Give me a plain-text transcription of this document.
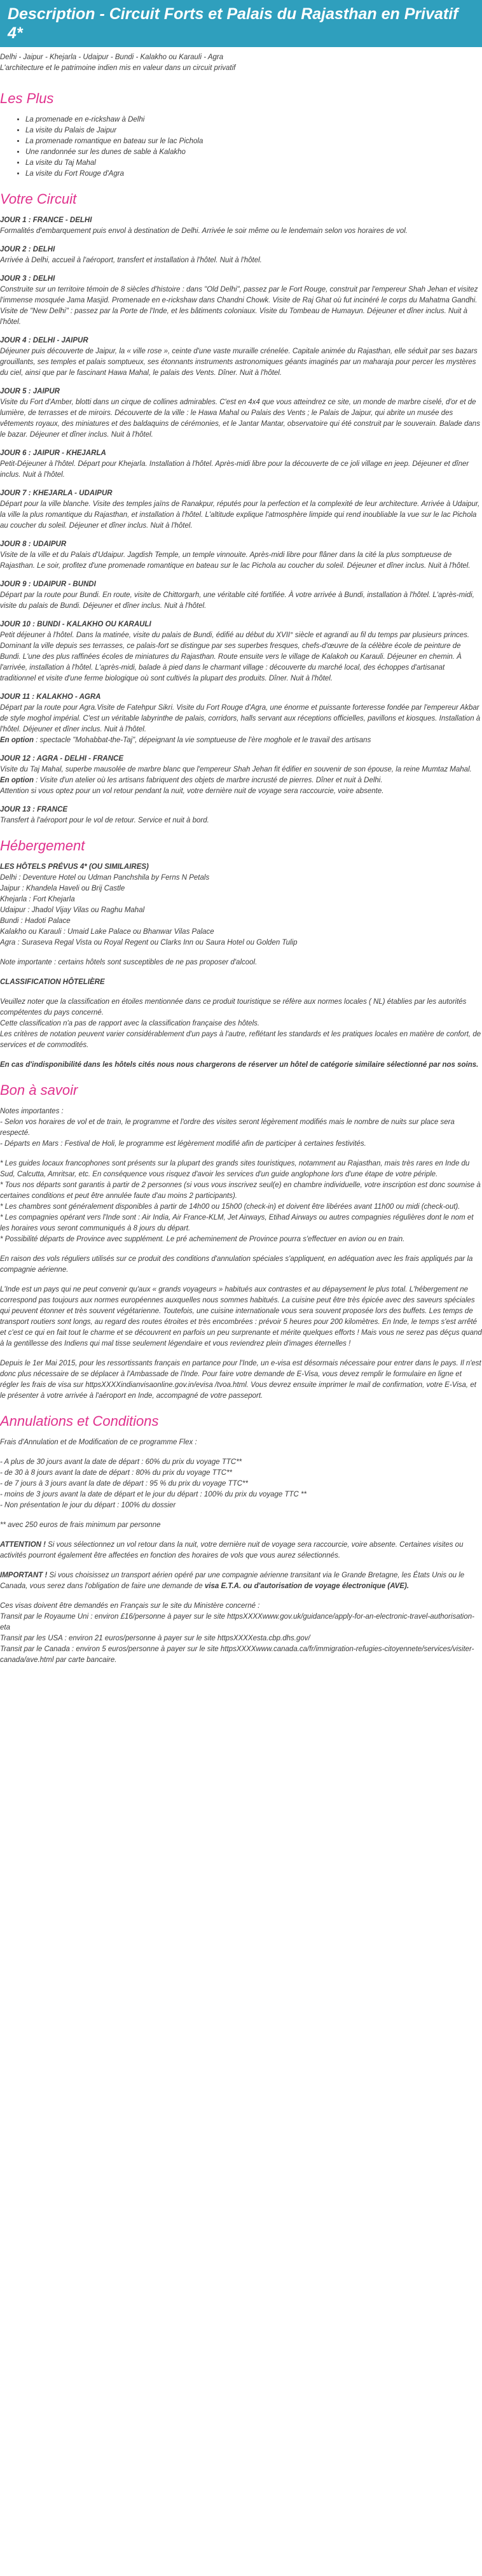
Description - Circuit Forts et Palais du Rajasthan en Privatif 4*

Delhi - Jaipur - Khejarla - Udaipur - Bundi - Kalakho ou Karauli - Agra

L'architecture et le patrimoine indien mis en valeur dans un circuit privatif

Les Plus
• La promenade en e-rickshaw à Delhi
• La visite du Palais de Jaipur
• La promenade romantique en bateau sur le lac Pichola
• Une randonnée sur les dunes de sable à Kalakho
• La visite du Taj Mahal
• La visite du Fort Rouge d'Agra
Votre Circuit

JOUR 1 : FRANCE - DELHI

Formalités d'embarquement puis envol à destination de Delhi. Arrivée le soir même ou le lendemain selon vos horaires de vol.

JOUR 2 : DELHI

Arrivée à Delhi, accueil à l'aéroport, transfert et installation à l'hôtel. Nuit à l'hôtel.

JOUR 3 : DELHI

Construite sur un territoire témoin de 8 siècles d'histoire : dans "Old Delhi", passez par le Fort Rouge, construit par l'empereur Shah Jehan et visitez l'immense mosquée Jama Masjid. Promenade en e-rickshaw dans Chandni Chowk. Visite de Raj Ghat où fut incinéré le corps du Mahatma Gandhi. Visite de "New Delhi" : passez par la Porte de l'Inde, et les bâtiments coloniaux. Visite du Tombeau de Humayun. Déjeuner et dîner inclus. Nuit à l'hôtel.

JOUR 4 : DELHI - JAIPUR

Déjeuner puis découverte de Jaipur, la « ville rose », ceinte d'une vaste muraille crénelée. Capitale animée du Rajasthan, elle séduit par ses bazars grouillants, ses temples et palais somptueux, ses étonnants instruments astronomiques géants imaginés par un maharaja pour percer les mystères du ciel, ainsi que par le fascinant Hawa Mahal, le palais des Vents. Dîner. Nuit à l'hôtel.

JOUR 5 : JAIPUR

Visite du Fort d'Amber, blotti dans un cirque de collines admirables. C'est en 4x4 que vous atteindrez ce site, un monde de marbre ciselé, d'or et de lumière, de terrasses et de miroirs. Découverte de la ville : le Hawa Mahal ou Palais des Vents ; le Palais de Jaipur, qui abrite un musée des vêtements royaux, des miniatures et des baldaquins de cérémonies, et le Jantar Mantar, observatoire qui été construit par le souverain. Balade dans le bazar. Déjeuner et dîner inclus. Nuit à l'hôtel.

JOUR 6 : JAIPUR - KHEJARLA

Petit-Déjeuner à l'hôtel. Départ pour Khejarla. Installation à l'hôtel. Après-midi libre pour la découverte de ce joli village en jeep. Déjeuner et dîner inclus. Nuit à l'hôtel.

JOUR 7 : KHEJARLA - UDAIPUR

Départ pour la ville blanche. Visite des temples jaïns de Ranakpur, réputés pour la perfection et la complexité de leur architecture. Arrivée à Udaipur, la ville la plus romantique du Rajasthan, et installation à l'hôtel. L'altitude explique l'atmosphère limpide qui rend inoubliable la vue sur le lac Pichola au coucher du soleil. Déjeuner et dîner inclus. Nuit à l'hôtel.

JOUR 8 : UDAIPUR

Visite de la ville et du Palais d'Udaipur. Jagdish Temple, un temple vinnouite. Après-midi libre pour flâner dans la cité la plus somptueuse de Rajasthan. Le soir, profitez d'une promenade romantique en bateau sur le lac Pichola au coucher du soleil. Déjeuner et dîner inclus. Nuit à l'hôtel.

JOUR 9 : UDAIPUR - BUNDI

Départ par la route pour Bundi. En route, visite de Chittorgarh, une véritable cité fortifiée. À votre arrivée à Bundi, installation à l'hôtel. L'après-midi, visite du palais de Bundi. Déjeuner et dîner inclus. Nuit à l'hôtel.

JOUR 10 : BUNDI - KALAKHO OU KARAULI

Petit déjeuner à l'hôtel. Dans la matinée, visite du palais de Bundi, édifié au début du XVII° siècle et agrandi au fil du temps par plusieurs princes. Dominant la ville depuis ses terrasses, ce palais-fort se distingue par ses superbes fresques, chefs-d'œuvre de la célèbre école de peinture de Bundi. L'une des plus raffinées écoles de miniatures du Rajasthan. Route ensuite vers le village de Kalakoh ou Karauli. Déjeuner en chemin. À l'arrivée, installation à l'hôtel. L'après-midi, balade à pied dans le charmant village : découverte du marché local, des échoppes d'artisanat traditionnel et visite d'une ferme biologique où sont cultivés la plupart des produits. Dîner. Nuit à l'hôtel.

JOUR 11 : KALAKHO - AGRA

Départ par la route pour Agra.Visite de Fatehpur Sikri. Visite du Fort Rouge d'Agra, une énorme et puissante forteresse fondée par l'empereur Akbar de style moghol impérial. C'est un véritable labyrinthe de palais, corridors, halls servant aux réceptions officielles, pavillons et kiosques. Installation à l'hôtel. Déjeuner et dîner inclus. Nuit à l'hôtel.

En option : spectacle "Mohabbat-the-Taj", dépeignant la vie somptueuse de l'ère moghole et le travail des artisans

JOUR 12 : AGRA - DELHI - FRANCE

Visite du Taj Mahal, superbe mausolée de marbre blanc que l'empereur Shah Jehan fit édifier en souvenir de son épouse, la reine Mumtaz Mahal.

En option : Visite d'un atelier où les artisans fabriquent des objets de marbre incrusté de pierres. Dîner et nuit à Delhi.

Attention si vous optez pour un vol retour pendant la nuit, votre dernière nuit de voyage sera raccourcie, voire absente.

JOUR 13 : FRANCE

Transfert à l'aéroport pour le vol de retour. Service et nuit à bord.

Hébergement

LES HÔTELS PRÉVUS 4* (OU SIMILAIRES)

Delhi : Deventure Hotel ou Udman Panchshila by Ferns N Petals

Jaipur : Khandela Haveli ou Brij Castle

Khejarla : Fort Khejarla

Udaipur : Jhadol Vijay Vilas ou Raghu Mahal

Bundi : Hadoti Palace

Kalakho ou Karauli : Umaid Lake Palace ou Bhanwar Vilas Palace

Agra : Suraseva Regal Vista ou Royal Regent ou Clarks Inn ou Saura Hotel ou Golden Tulip

Note importante : certains hôtels sont susceptibles de ne pas proposer d'alcool.

CLASSIFICATION HÔTELIÈRE

Veuillez noter que la classification en étoiles mentionnée dans ce produit touristique se réfère aux normes locales ( NL) établies par les autorités compétentes du pays concerné.

Cette classification n'a pas de rapport avec la classification française des hôtels.

Les critères de notation peuvent varier considérablement d'un pays à l'autre, reflétant les standards et les pratiques locales en matière de confort, de services et de commodités.

En cas d'indisponibilité dans les hôtels cités nous nous chargerons de réserver un hôtel de catégorie similaire sélectionné par nos soins.

Bon à savoir

Notes importantes :

- Selon vos horaires de vol et de train, le programme et l'ordre des visites seront légèrement modifiés mais le nombre de nuits sur place sera respecté.

- Départs en Mars : Festival de Holi, le programme est légèrement modifié afin de participer à certaines festivités.

* Les guides locaux francophones sont présents sur la plupart des grands sites touristiques, notamment au Rajasthan, mais très rares en Inde du Sud, Calcutta, Amritsar, etc. En conséquence vous risquez d'avoir les services d'un guide anglophone lors d'une étape de votre périple.

* Tous nos départs sont garantis à partir de 2 personnes (si vous vous inscrivez seul(e) en chambre individuelle, votre inscription est donc soumise à certaines conditions et peut être annulée faute d'au moins 2 participants).

* Les chambres sont généralement disponibles à partir de 14h00 ou 15h00 (check-in) et doivent être libérées avant 11h00 ou midi (check-out).

* Les compagnies opérant vers l'Inde sont : Air India, Air France-KLM, Jet Airways, Etihad Airways ou autres compagnies régulières dont le nom et les horaires vous seront communiqués à 8 jours du départ.

* Possibilité départs de Province avec supplément. Le pré acheminement de Province pourra s'effectuer en avion ou en train.

En raison des vols réguliers utilisés sur ce produit des conditions d'annulation spéciales s'appliquent, en adéquation avec les frais appliqués par la compagnie aérienne.

L'Inde est un pays qui ne peut convenir qu'aux « grands voyageurs » habitués aux contrastes et au dépaysement le plus total. L'hébergement ne correspond pas toujours aux normes européennes auxquelles nous sommes habitués. La cuisine peut être très épicée avec des saveurs spéciales qui peuvent étonner et très souvent végétarienne. Toutefois, une cuisine internationale vous sera souvent proposée lors des buffets. Les temps de transport routiers sont longs, au regard des routes étroites et très encombrées : prévoir 5 heures pour 200 kilomètres. En Inde, le temps s'est arrêté et c'est ce qui en fait tout le charme et se découvrent en parfois un peu surprenante et mérite quelques efforts ! Mais vous ne serez pas déçus quand à la gentillesse des Indiens qui mal tisse seulement légendaire et vous reviendrez plein d'images éternelles !

Depuis le 1er Mai 2015, pour les ressortissants français en partance pour l'Inde, un e-visa est désormais nécessaire pour entrer dans le pays. Il n'est donc plus nécessaire de se déplacer à l'Ambassade de l'Inde. Pour faire votre demande de E-Visa, vous devez remplir le formulaire en ligne et régler les frais de visa sur httpsXXXXindianvisaonline.gov.in/evisa /tvoa.html. Vous devrez ensuite imprimer le mail de confirmation, votre E-Visa, et le présenter à votre arrivée à l'aéroport en Inde, accompagné de votre passeport.

Annulations et Conditions

Frais d'Annulation et de Modification de ce programme Flex :

- A plus de 30 jours avant la date de départ : 60% du prix du voyage TTC**

- de 30 à 8 jours avant la date de départ : 80% du prix du voyage TTC**

- de 7 jours à 3 jours avant la date de départ : 95 % du prix du voyage TTC**

- moins de 3 jours avant la date de départ et le jour du départ : 100% du prix du voyage TTC **

- Non présentation le jour du départ : 100% du dossier

** avec 250 euros de frais minimum par personne

ATTENTION ! Si vous sélectionnez un vol retour dans la nuit, votre dernière nuit de voyage sera raccourcie, voire absente. Certaines visites ou activités pourront également être affectées en fonction des horaires de vols que vous aurez sélectionnés.

IMPORTANT ! Si vous choisissez un transport aérien opéré par une compagnie aérienne transitant via le Grande Bretagne, les États Unis ou le Canada, vous serez dans l'obligation de faire une demande de visa E.T.A. ou d'autorisation de voyage électronique (AVE).

Ces visas doivent être demandés en Français sur le site du Ministère concerné :

Transit par le Royaume Uni : environ £16/personne à payer sur le site httpsXXXXwww.gov.uk/guidance/apply-for-an-electronic-travel-authorisation-eta

Transit par les USA : environ 21 euros/personne à payer sur le site httpsXXXXesta.cbp.dhs.gov/

Transit par le Canada : environ 5 euros/personne à payer sur le site httpsXXXXwww.canada.ca/fr/immigration-refugies-citoyennete/services/visiter-canada/ave.html par carte bancaire.
